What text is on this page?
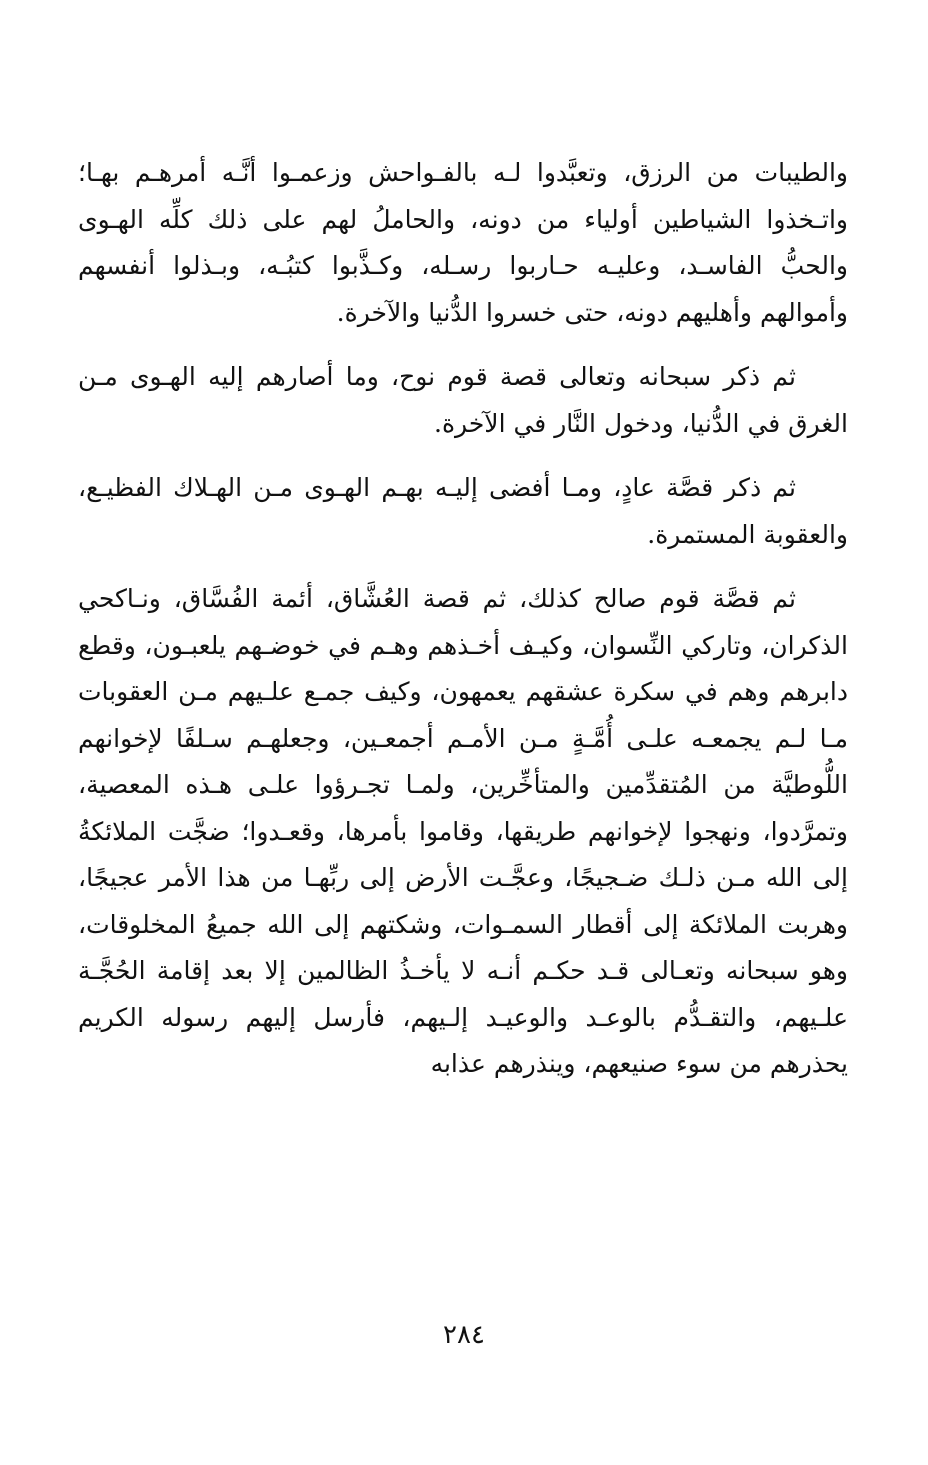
والطيبات من الرزق، وتعبَّدوا لـه بالفـواحش وزعمـوا أنَّـه أمرهـم بهـا؛ واتـخذوا الشياطين أولياء من دونه، والحاملُ لهم على ذلك كلِّه الهـوى والحبُّ الفاسـد، وعليـه حـاربوا رسـله، وكـذَّبوا كتبُـه، وبـذلوا أنفسهم وأموالهم وأهليهم دونه، حتى خسروا الدُّنيا والآخرة.

ثم ذكر سبحانه وتعالى قصة قوم نوح، وما أصارهم إليه الهـوى مـن الغرق في الدُّنيا، ودخول النَّار في الآخرة.

ثم ذكر قصَّة عادٍ، ومـا أفضى إليـه بهـم الهـوى مـن الهـلاك الفظيـع، والعقوبة المستمرة.

ثم قصَّة قوم صالح كذلك، ثم قصة العُشَّاق، أئمة الفُسَّاق، ونـاكحي الذكران، وتاركي النِّسوان، وكيـف أخـذهم وهـم في خوضـهم يلعبـون، وقطع دابرهم وهم في سكرة عشقهم يعمهون، وكيف جمـع علـيهم مـن العقوبات مـا لـم يجمعـه علـى أُمَّـةٍ مـن الأمـم أجمعـين، وجعلهـم سـلفًا لإخوانهم اللُّوطيَّة من المُتقدِّمين والمتأخِّرين، ولمـا تجـرؤوا علـى هـذه المعصية، وتمرَّدوا، ونهجوا لإخوانهم طريقها، وقاموا بأمرها، وقعـدوا؛ ضجَّت الملائكةُ إلى الله مـن ذلـك ضـجيجًا، وعجَّـت الأرض إلى ربِّهـا من هذا الأمر عجيجًا، وهربت الملائكة إلى أقطار السمـوات، وشكتهم إلى الله جميعُ المخلوقات، وهو سبحانه وتعـالى قـد حكـم أنـه لا يأخـذُ الظالمين إلا بعد إقامة الحُجَّـة علـيهم، والتقـدُّم بالوعـد والوعيـد إلـيهم، فأرسل إليهم رسوله الكريم يحذرهم من سوء صنيعهم، وينذرهم عذابه

٢٨٤
